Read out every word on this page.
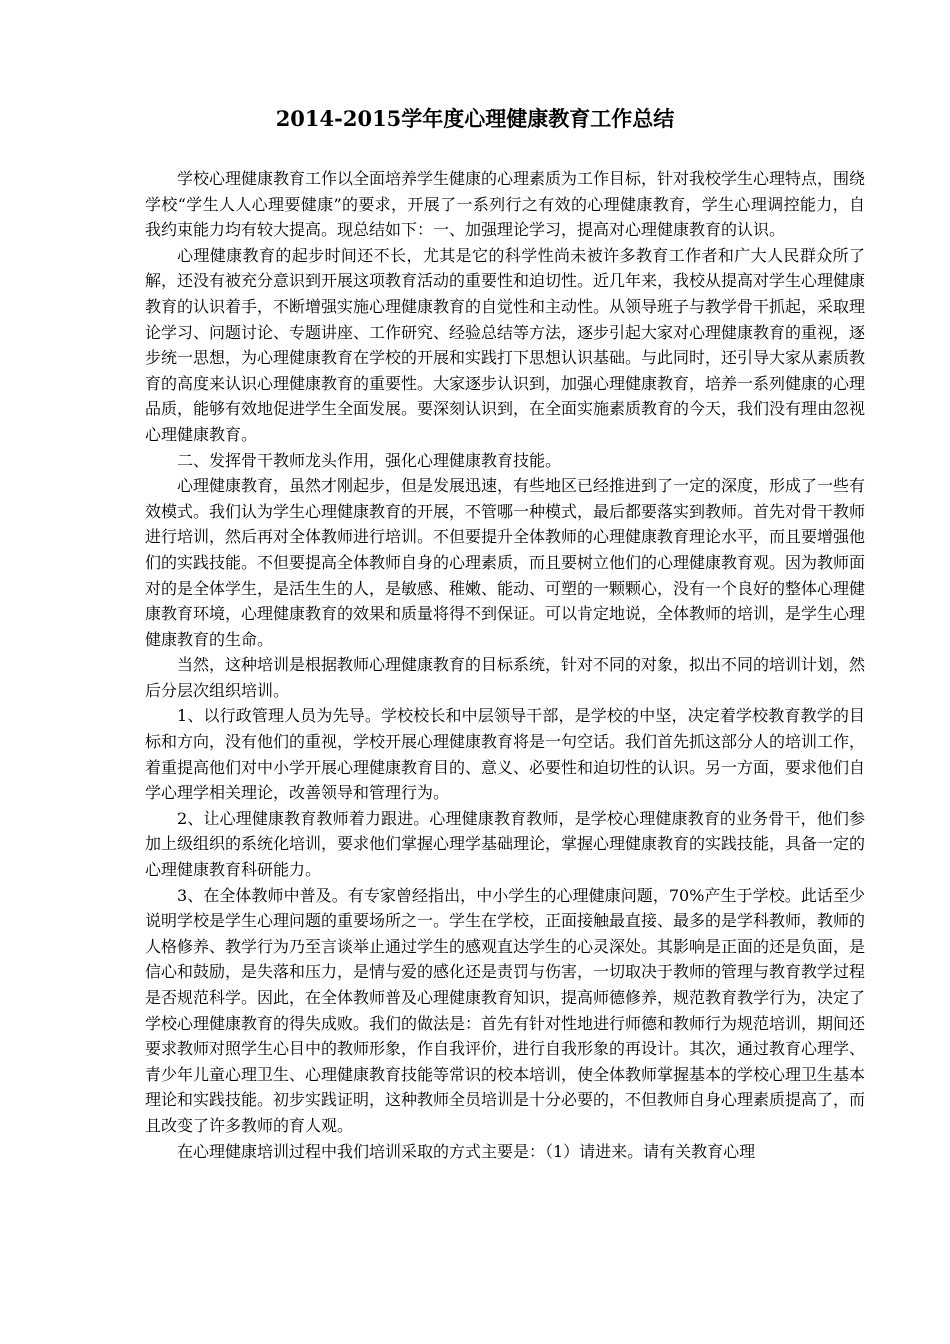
2014-2015学年度心理健康教育工作总结

学校心理健康教育工作以全面培养学生健康的心理素质为工作目标，针对我校学生心理特点，围绕学校“学生人人心理要健康”的要求，开展了一系列行之有效的心理健康教育，学生心理调控能力，自我约束能力均有较大提高。现总结如下：一、加强理论学习，提高对心理健康教育的认识。

心理健康教育的起步时间还不长，尤其是它的科学性尚未被许多教育工作者和广大人民群众所了解，还没有被充分意识到开展这项教育活动的重要性和迫切性。近几年来，我校从提高对学生心理健康教育的认识着手，不断增强实施心理健康教育的自觉性和主动性。从领导班子与教学骨干抓起，采取理论学习、问题讨论、专题讲座、工作研究、经验总结等方法，逐步引起大家对心理健康教育的重视，逐步统一思想，为心理健康教育在学校的开展和实践打下思想认识基础。与此同时，还引导大家从素质教育的高度来认识心理健康教育的重要性。大家逐步认识到，加强心理健康教育，培养一系列健康的心理品质，能够有效地促进学生全面发展。要深刻认识到，在全面实施素质教育的今天，我们没有理由忽视心理健康教育。

二、发挥骨干教师龙头作用，强化心理健康教育技能。

心理健康教育，虽然才刚起步，但是发展迅速，有些地区已经推进到了一定的深度，形成了一些有效模式。我们认为学生心理健康教育的开展，不管哪一种模式，最后都要落实到教师。首先对骨干教师进行培训，然后再对全体教师进行培训。不但要提升全体教师的心理健康教育理论水平，而且要增强他们的实践技能。不但要提高全体教师自身的心理素质，而且要树立他们的心理健康教育观。因为教师面对的是全体学生，是活生生的人，是敏感、稚嫩、能动、可塑的一颗颗心，没有一个良好的整体心理健康教育环境，心理健康教育的效果和质量将得不到保证。可以肯定地说，全体教师的培训，是学生心理健康教育的生命。

当然，这种培训是根据教师心理健康教育的目标系统，针对不同的对象，拟出不同的培训计划，然后分层次组织培训。

1、以行政管理人员为先导。学校校长和中层领导干部，是学校的中坚，决定着学校教育教学的目标和方向，没有他们的重视，学校开展心理健康教育将是一句空话。我们首先抓这部分人的培训工作，着重提高他们对中小学开展心理健康教育目的、意义、必要性和迫切性的认识。另一方面，要求他们自学心理学相关理论，改善领导和管理行为。

2、让心理健康教育教师着力跟进。心理健康教育教师，是学校心理健康教育的业务骨干，他们参加上级组织的系统化培训，要求他们掌握心理学基础理论，掌握心理健康教育的实践技能，具备一定的心理健康教育科研能力。

3、在全体教师中普及。有专家曾经指出，中小学生的心理健康问题，70%产生于学校。此话至少说明学校是学生心理问题的重要场所之一。学生在学校，正面接触最直接、最多的是学科教师，教师的人格修养、教学行为乃至言谈举止通过学生的感观直达学生的心灵深处。其影响是正面的还是负面，是信心和鼓励，是失落和压力，是情与爱的感化还是责罚与伤害，一切取决于教师的管理与教育教学过程是否规范科学。因此，在全体教师普及心理健康教育知识，提高师德修养，规范教育教学行为，决定了学校心理健康教育的得失成败。我们的做法是：首先有针对性地进行师德和教师行为规范培训，期间还要求教师对照学生心目中的教师形象，作自我评价，进行自我形象的再设计。其次，通过教育心理学、青少年儿童心理卫生、心理健康教育技能等常识的校本培训，使全体教师掌握基本的学校心理卫生基本理论和实践技能。初步实践证明，这种教师全员培训是十分必要的，不但教师自身心理素质提高了，而且改变了许多教师的育人观。

在心理健康培训过程中我们培训采取的方式主要是：（1）请进来。请有关教育心理
